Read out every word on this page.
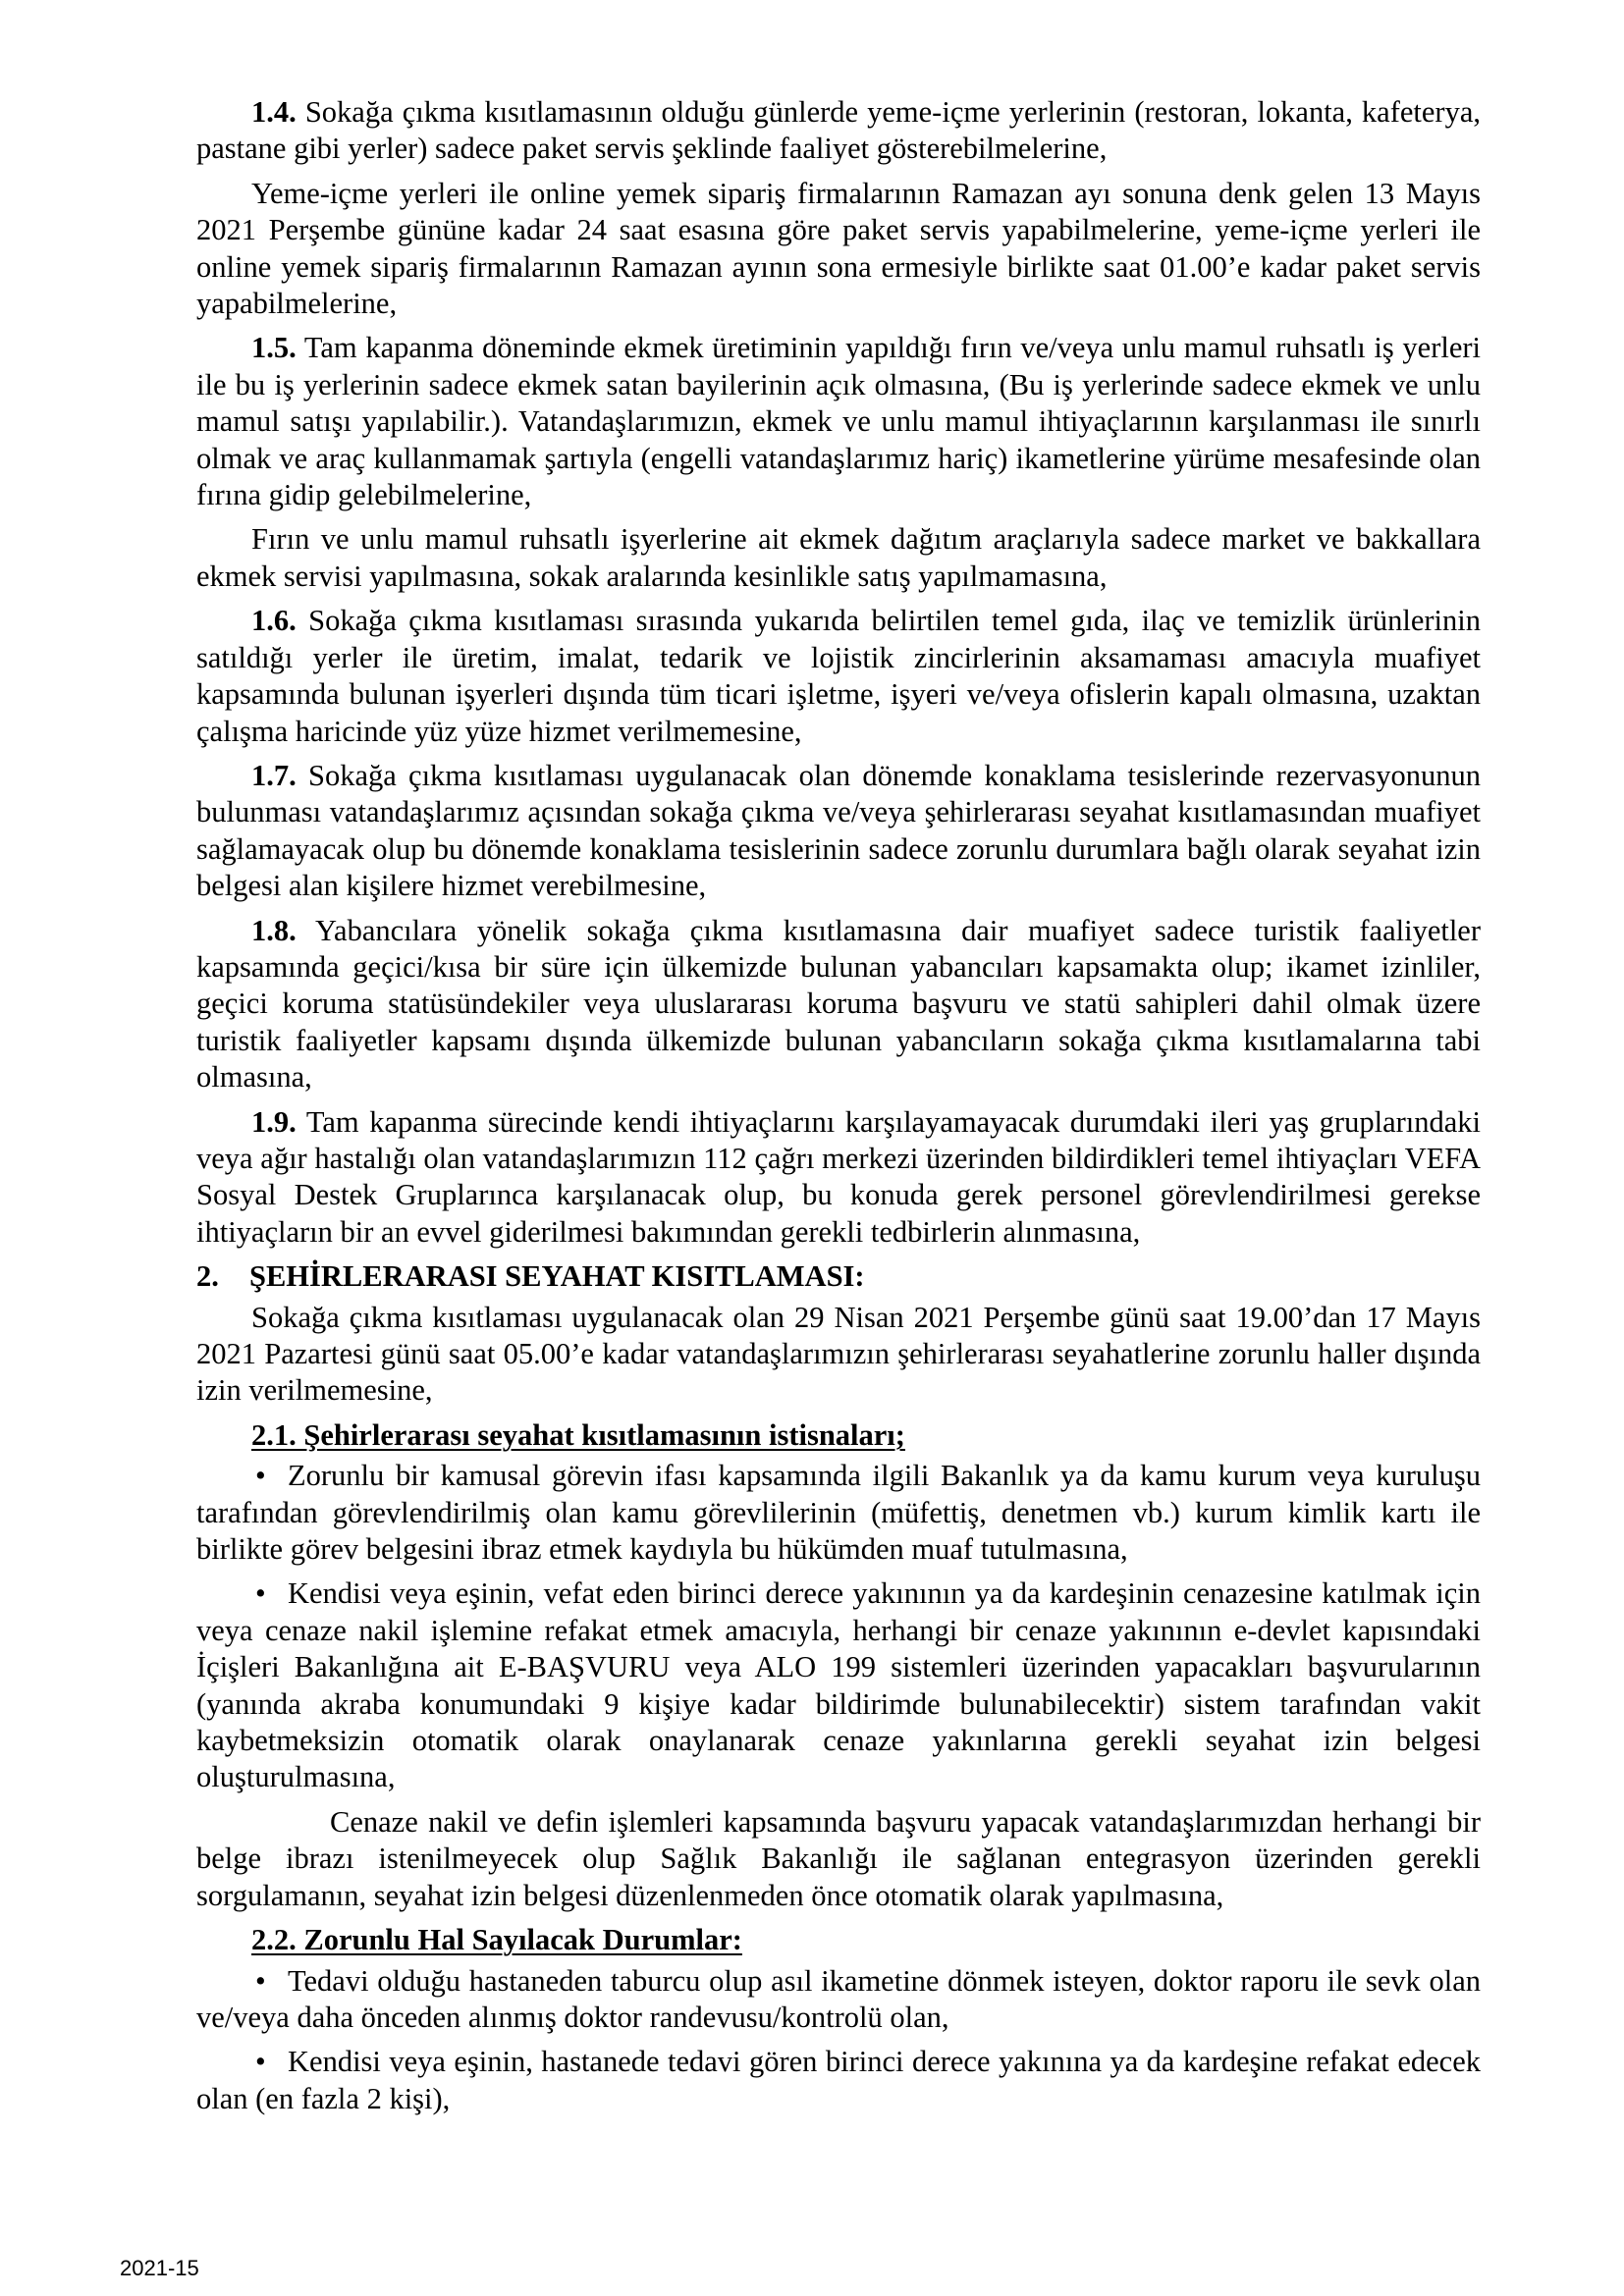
1.4. Sokağa çıkma kısıtlamasının olduğu günlerde yeme-içme yerlerinin (restoran, lokanta, kafeterya, pastane gibi yerler) sadece paket servis şeklinde faaliyet gösterebilmelerine,

Yeme-içme yerleri ile online yemek sipariş firmalarının Ramazan ayı sonuna denk gelen 13 Mayıs 2021 Perşembe gününe kadar 24 saat esasına göre paket servis yapabilmelerine, yeme-içme yerleri ile online yemek sipariş firmalarının Ramazan ayının sona ermesiyle birlikte saat 01.00’e kadar paket servis yapabilmelerine,

1.5. Tam kapanma döneminde ekmek üretiminin yapıldığı fırın ve/veya unlu mamul ruhsatlı iş yerleri ile bu iş yerlerinin sadece ekmek satan bayilerinin açık olmasına, (Bu iş yerlerinde sadece ekmek ve unlu mamul satışı yapılabilir.). Vatandaşlarımızın, ekmek ve unlu mamul ihtiyaçlarının karşılanması ile sınırlı olmak ve araç kullanmamak şartıyla (engelli vatandaşlarımız hariç) ikametlerine yürüme mesafesinde olan fırına gidip gelebilmelerine,

Fırın ve unlu mamul ruhsatlı işyerlerine ait ekmek dağıtım araçlarıyla sadece market ve bakkallara ekmek servisi yapılmasına, sokak aralarında kesinlikle satış yapılmamasına,

1.6. Sokağa çıkma kısıtlaması sırasında yukarıda belirtilen temel gıda, ilaç ve temizlik ürünlerinin satıldığı yerler ile üretim, imalat, tedarik ve lojistik zincirlerinin aksamaması amacıyla muafiyet kapsamında bulunan işyerleri dışında tüm ticari işletme, işyeri ve/veya ofislerin kapalı olmasına, uzaktan çalışma haricinde yüz yüze hizmet verilmemesine,

1.7. Sokağa çıkma kısıtlaması uygulanacak olan dönemde konaklama tesislerinde rezervasyonunun bulunması vatandaşlarımız açısından sokağa çıkma ve/veya şehirlerarası seyahat kısıtlamasından muafiyet sağlamayacak olup bu dönemde konaklama tesislerinin sadece zorunlu durumlara bağlı olarak seyahat izin belgesi alan kişilere hizmet verebilmesine,

1.8. Yabancılara yönelik sokağa çıkma kısıtlamasına dair muafiyet sadece turistik faaliyetler kapsamında geçici/kısa bir süre için ülkemizde bulunan yabancıları kapsamakta olup; ikamet izinliler, geçici koruma statüsündekiler veya uluslararası koruma başvuru ve statü sahipleri dahil olmak üzere turistik faaliyetler kapsamı dışında ülkemizde bulunan yabancıların sokağa çıkma kısıtlamalarına tabi olmasına,

1.9. Tam kapanma sürecinde kendi ihtiyaçlarını karşılayamayacak durumdaki ileri yaş gruplarındaki veya ağır hastalığı olan vatandaşlarımızın 112 çağrı merkezi üzerinden bildirdikleri temel ihtiyaçları VEFA Sosyal Destek Gruplarınca karşılanacak olup, bu konuda gerek personel görevlendirilmesi gerekse ihtiyaçların bir an evvel giderilmesi bakımından gerekli tedbirlerin alınmasına,

2. ŞEHİRLERARASI SEYAHAT KISITLAMASI:

Sokağa çıkma kısıtlaması uygulanacak olan 29 Nisan 2021 Perşembe günü saat 19.00’dan 17 Mayıs 2021 Pazartesi günü saat 05.00’e kadar vatandaşlarımızın şehirlerarası seyahatlerine zorunlu haller dışında izin verilmemesine,

2.1. Şehirlerarası seyahat kısıtlamasının istisnaları;

• Zorunlu bir kamusal görevin ifası kapsamında ilgili Bakanlık ya da kamu kurum veya kuruluşu tarafından görevlendirilmiş olan kamu görevlilerinin (müfettiş, denetmen vb.) kurum kimlik kartı ile birlikte görev belgesini ibraz etmek kaydıyla bu hükümden muaf tutulmasına,

• Kendisi veya eşinin, vefat eden birinci derece yakınının ya da kardeşinin cenazesine katılmak için veya cenaze nakil işlemine refakat etmek amacıyla, herhangi bir cenaze yakınının e-devlet kapısındaki İçişleri Bakanlığına ait E-BAŞVURU veya ALO 199 sistemleri üzerinden yapacakları başvurularının (yanında akraba konumundaki 9 kişiye kadar bildirimde bulunabilecektir) sistem tarafından vakit kaybetmeksizin otomatik olarak onaylanarak cenaze yakınlarına gerekli seyahat izin belgesi oluşturulmasına,

Cenaze nakil ve defin işlemleri kapsamında başvuru yapacak vatandaşlarımızdan herhangi bir belge ibrazı istenilmeyecek olup Sağlık Bakanlığı ile sağlanan entegrasyon üzerinden gerekli sorgulamanın, seyahat izin belgesi düzenlenmeden önce otomatik olarak yapılmasına,

2.2. Zorunlu Hal Sayılacak Durumlar:

• Tedavi olduğu hastaneden taburcu olup asıl ikametine dönmek isteyen, doktor raporu ile sevk olan ve/veya daha önceden alınmış doktor randevusu/kontrolü olan,

• Kendisi veya eşinin, hastanede tedavi gören birinci derece yakınına ya da kardeşine refakat edecek olan (en fazla 2 kişi),

2021-15
